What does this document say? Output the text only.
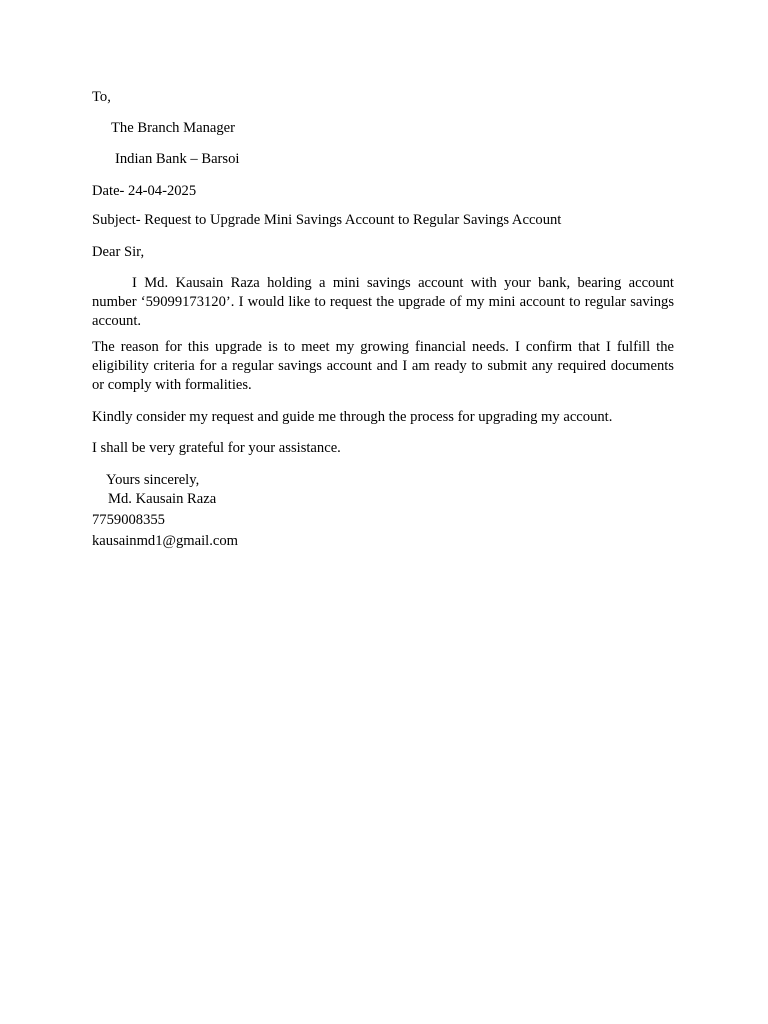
To,
The Branch Manager
Indian Bank – Barsoi
Date- 24-04-2025
Subject- Request to Upgrade Mini Savings Account to Regular Savings Account
Dear Sir,
I Md. Kausain Raza holding a mini savings account with your bank, bearing account number ‘59099173120’. I would like to request the upgrade of my mini account to regular savings account.
The reason for this upgrade is to meet my growing financial needs. I confirm that I fulfill the eligibility criteria for a regular savings account and I am ready to submit any required documents or comply with formalities.
Kindly consider my request and guide me through the process for upgrading my account.
I shall be very grateful for your assistance.
Yours sincerely,
Md. Kausain Raza
7759008355
kausainmd1@gmail.com
